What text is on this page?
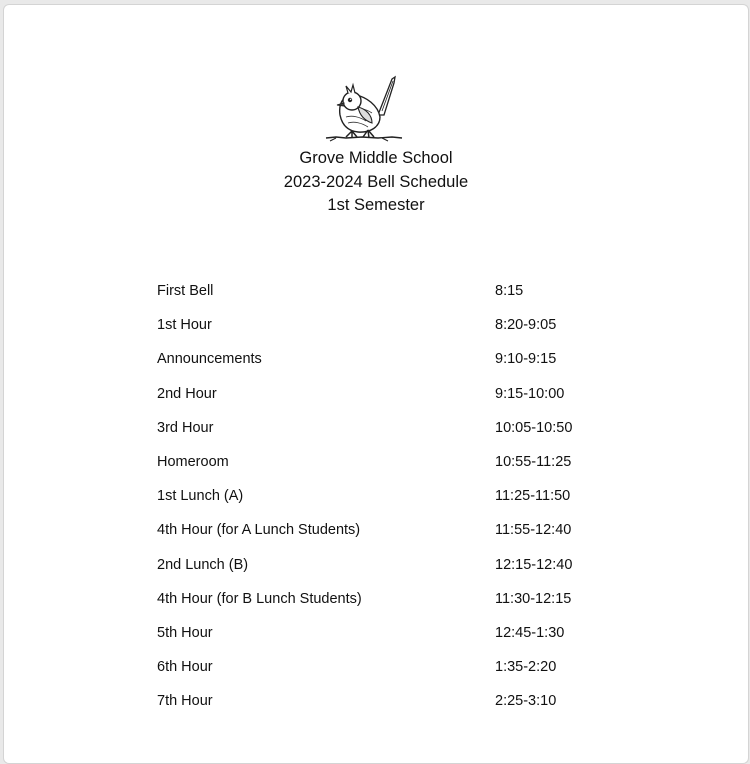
Grove Middle School
2023-2024 Bell Schedule
1st Semester
First Bell	8:15
1st Hour	8:20-9:05
Announcements	9:10-9:15
2nd Hour	9:15-10:00
3rd Hour	10:05-10:50
Homeroom	10:55-11:25
1st Lunch (A)	11:25-11:50
4th Hour (for A Lunch Students)	11:55-12:40
2nd Lunch (B)	12:15-12:40
4th Hour (for B Lunch Students)	11:30-12:15
5th Hour	12:45-1:30
6th Hour	1:35-2:20
7th Hour	2:25-3:10
